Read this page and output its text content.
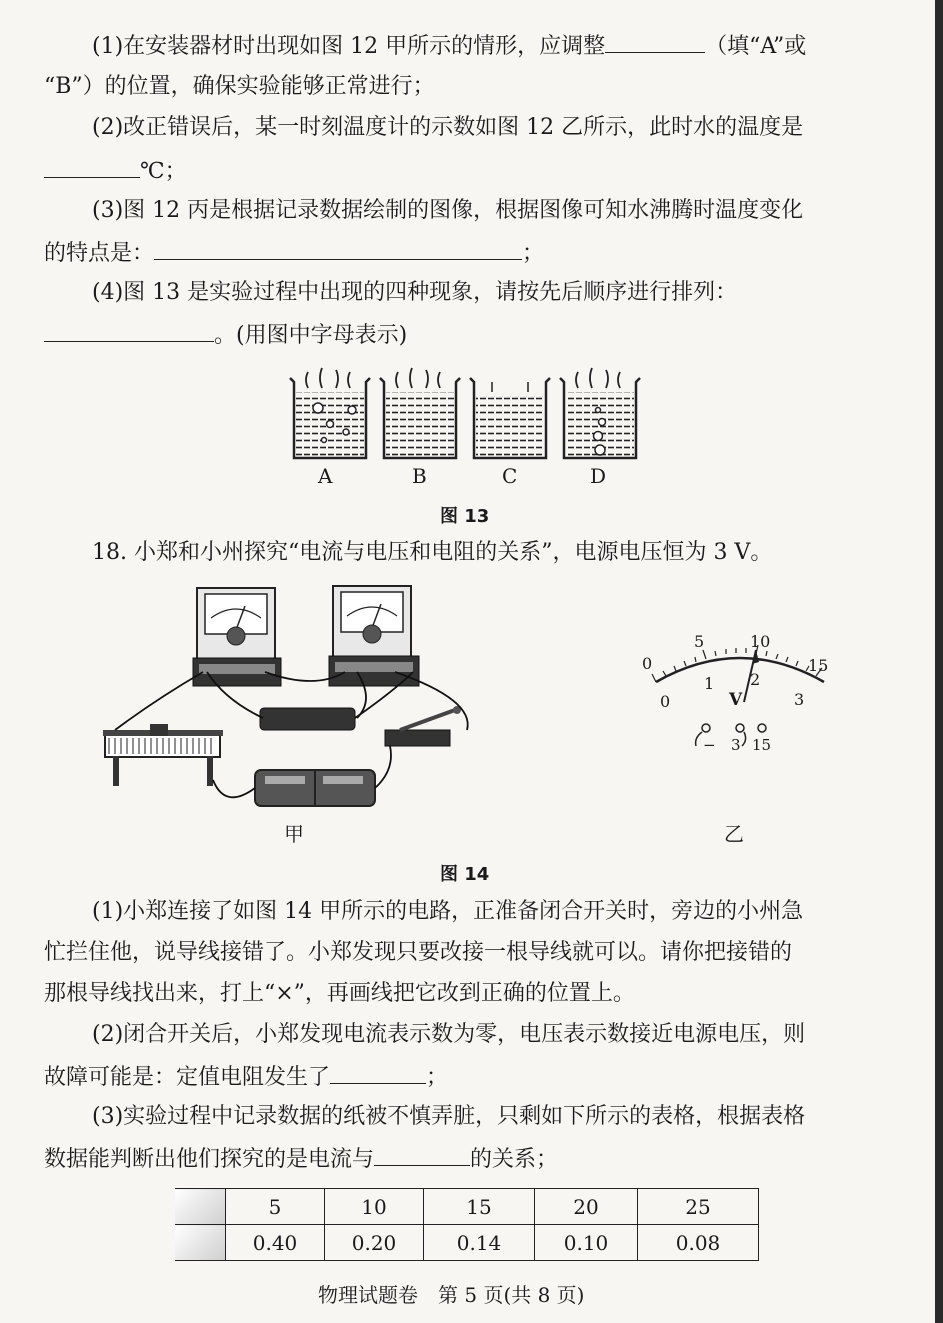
(1)在安装器材时出现如图 12 甲所示的情形，应调整	（填“A”或
“B”）的位置，确保实验能够正常进行；
(2)改正错误后，某一时刻温度计的示数如图 12 乙所示，此时水的温度是
℃；
(3)图 12 丙是根据记录数据绘制的图像，根据图像可知水沸腾时温度变化
的特点是：	；
(4)图 13 是实验过程中出现的四种现象，请按先后顺序进行排列：
。(用图中字母表示)
A	B	C	D
图 13
18. 小郑和小州探究“电流与电压和电阻的关系”，电源电压恒为 3 V。
甲
0
5	10
15
0
1 2
3
V
− 3 15
乙
图 14
(1)小郑连接了如图 14 甲所示的电路，正准备闭合开关时，旁边的小州急
忙拦住他，说导线接错了。小郑发现只要改接一根导线就可以。请你把接错的
那根导线找出来，打上“×”，再画线把它改到正确的位置上。
(2)闭合开关后，小郑发现电流表示数为零，电压表示数接近电源电压，则
故障可能是：定值电阻发生了	；
(3)实验过程中记录数据的纸被不慎弄脏，只剩如下所示的表格，根据表格
数据能判断出他们探究的是电流与	的关系；
	5	10	15	20	25
	0.40	0.20	0.14	0.10	0.08
物理试题卷　第 5 页(共 8 页)
